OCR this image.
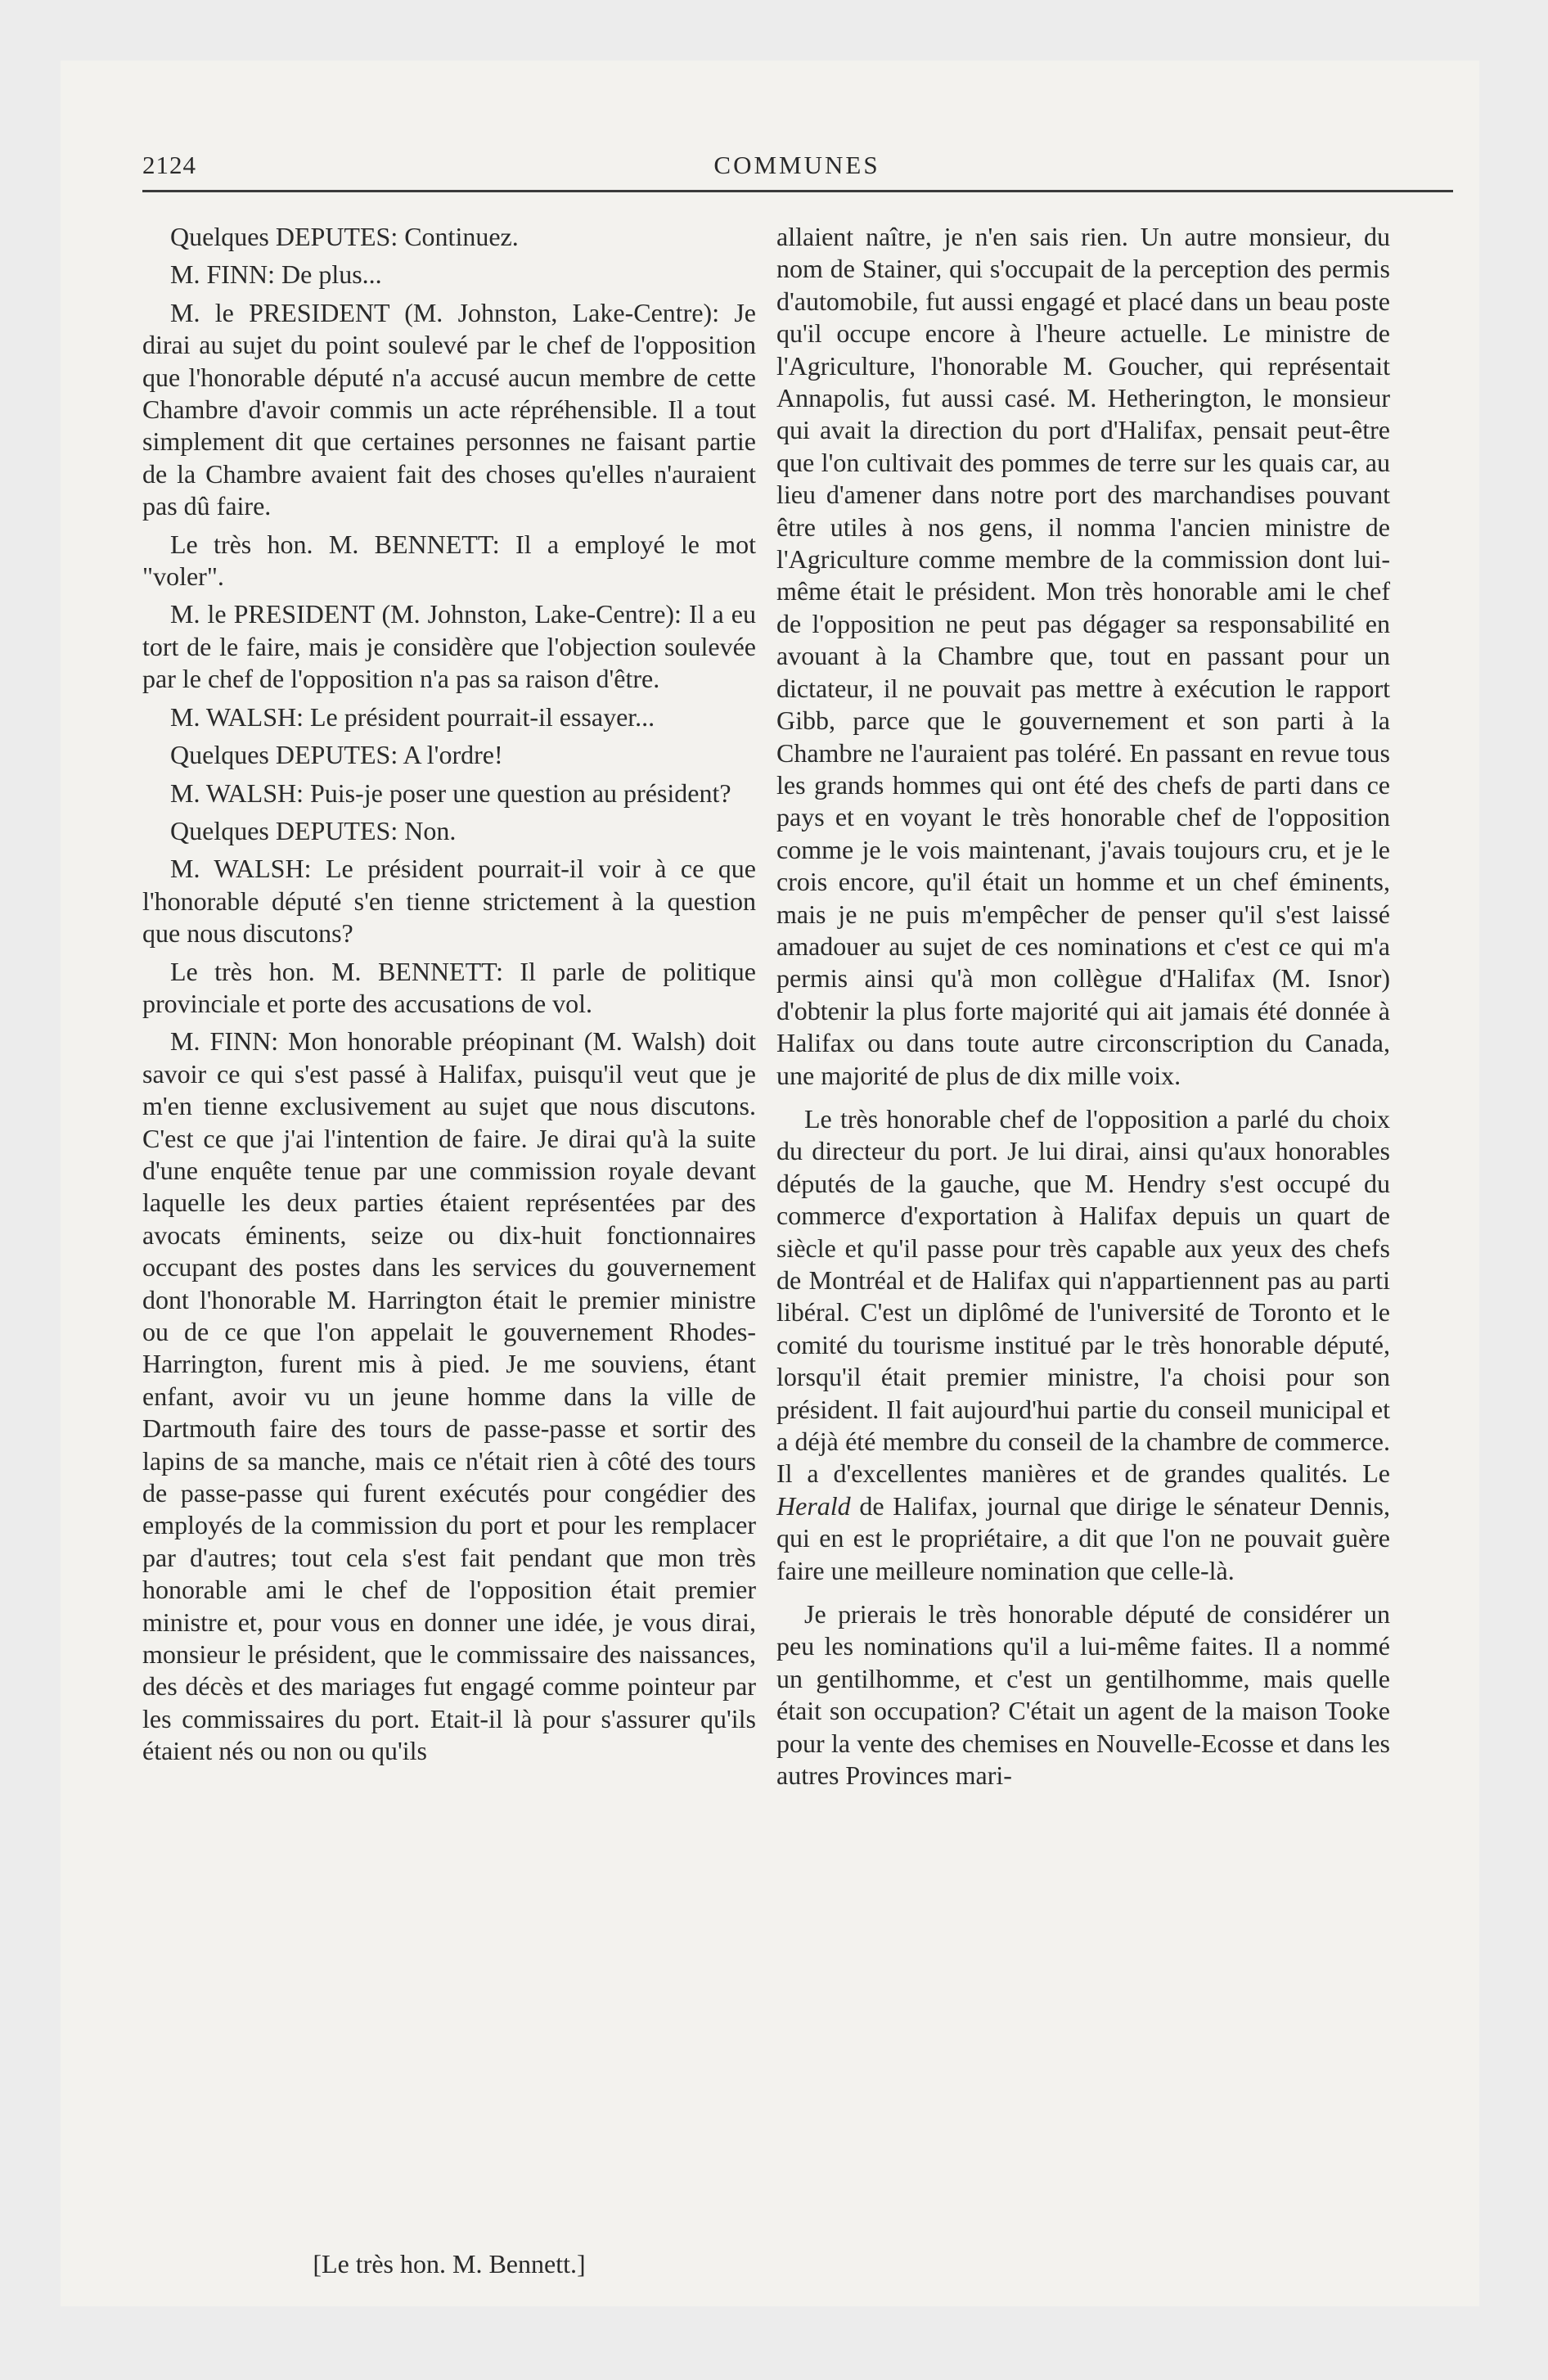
2124	COMMUNES

Quelques DEPUTES: Continuez.

M. FINN: De plus...

M. le PRESIDENT (M. Johnston, Lake-Centre): Je dirai au sujet du point soulevé par le chef de l'opposition que l'honorable député n'a accusé aucun membre de cette Chambre d'avoir commis un acte répréhensible. Il a tout simplement dit que certaines personnes ne faisant partie de la Chambre avaient fait des choses qu'elles n'auraient pas dû faire.

Le très hon. M. BENNETT: Il a employé le mot "voler".

M. le PRESIDENT (M. Johnston, Lake-Centre): Il a eu tort de le faire, mais je considère que l'objection soulevée par le chef de l'opposition n'a pas sa raison d'être.

M. WALSH: Le président pourrait-il essayer...

Quelques DEPUTES: A l'ordre!

M. WALSH: Puis-je poser une question au président?

Quelques DEPUTES: Non.

M. WALSH: Le président pourrait-il voir à ce que l'honorable député s'en tienne strictement à la question que nous discutons?

Le très hon. M. BENNETT: Il parle de politique provinciale et porte des accusations de vol.

M. FINN: Mon honorable préopinant (M. Walsh) doit savoir ce qui s'est passé à Halifax, puisqu'il veut que je m'en tienne exclusivement au sujet que nous discutons. C'est ce que j'ai l'intention de faire. Je dirai qu'à la suite d'une enquête tenue par une commission royale devant laquelle les deux parties étaient représentées par des avocats éminents, seize ou dix-huit fonctionnaires occupant des postes dans les services du gouvernement dont l'honorable M. Harrington était le premier ministre ou de ce que l'on appelait le gouvernement Rhodes-Harrington, furent mis à pied. Je me souviens, étant enfant, avoir vu un jeune homme dans la ville de Dartmouth faire des tours de passe-passe et sortir des lapins de sa manche, mais ce n'était rien à côté des tours de passe-passe qui furent exécutés pour congédier des employés de la commission du port et pour les remplacer par d'autres; tout cela s'est fait pendant que mon très honorable ami le chef de l'opposition était premier ministre et, pour vous en donner une idée, je vous dirai, monsieur le président, que le commissaire des naissances, des décès et des mariages fut engagé comme pointeur par les commissaires du port. Etait-il là pour s'assurer qu'ils étaient nés ou non ou qu'ils

[Le très hon. M. Bennett.]

allaient naître, je n'en sais rien. Un autre monsieur, du nom de Stainer, qui s'occupait de la perception des permis d'automobile, fut aussi engagé et placé dans un beau poste qu'il occupe encore à l'heure actuelle. Le ministre de l'Agriculture, l'honorable M. Goucher, qui représentait Annapolis, fut aussi casé. M. Hetherington, le monsieur qui avait la direction du port d'Halifax, pensait peut-être que l'on cultivait des pommes de terre sur les quais car, au lieu d'amener dans notre port des marchandises pouvant être utiles à nos gens, il nomma l'ancien ministre de l'Agriculture comme membre de la commission dont lui-même était le président. Mon très honorable ami le chef de l'opposition ne peut pas dégager sa responsabilité en avouant à la Chambre que, tout en passant pour un dictateur, il ne pouvait pas mettre à exécution le rapport Gibb, parce que le gouvernement et son parti à la Chambre ne l'auraient pas toléré. En passant en revue tous les grands hommes qui ont été des chefs de parti dans ce pays et en voyant le très honorable chef de l'opposition comme je le vois maintenant, j'avais toujours cru, et je le crois encore, qu'il était un homme et un chef éminents, mais je ne puis m'empêcher de penser qu'il s'est laissé amadouer au sujet de ces nominations et c'est ce qui m'a permis ainsi qu'à mon collègue d'Halifax (M. Isnor) d'obtenir la plus forte majorité qui ait jamais été donnée à Halifax ou dans toute autre circonscription du Canada, une majorité de plus de dix mille voix.

Le très honorable chef de l'opposition a parlé du choix du directeur du port. Je lui dirai, ainsi qu'aux honorables députés de la gauche, que M. Hendry s'est occupé du commerce d'exportation à Halifax depuis un quart de siècle et qu'il passe pour très capable aux yeux des chefs de Montréal et de Halifax qui n'appartiennent pas au parti libéral. C'est un diplômé de l'université de Toronto et le comité du tourisme institué par le très honorable député, lorsqu'il était premier ministre, l'a choisi pour son président. Il fait aujourd'hui partie du conseil municipal et a déjà été membre du conseil de la chambre de commerce. Il a d'excellentes manières et de grandes qualités. Le Herald de Halifax, journal que dirige le sénateur Dennis, qui en est le propriétaire, a dit que l'on ne pouvait guère faire une meilleure nomination que celle-là.

Je prierais le très honorable député de considérer un peu les nominations qu'il a lui-même faites. Il a nommé un gentilhomme, et c'est un gentilhomme, mais quelle était son occupation? C'était un agent de la maison Tooke pour la vente des chemises en Nouvelle-Ecosse et dans les autres Provinces mari-
